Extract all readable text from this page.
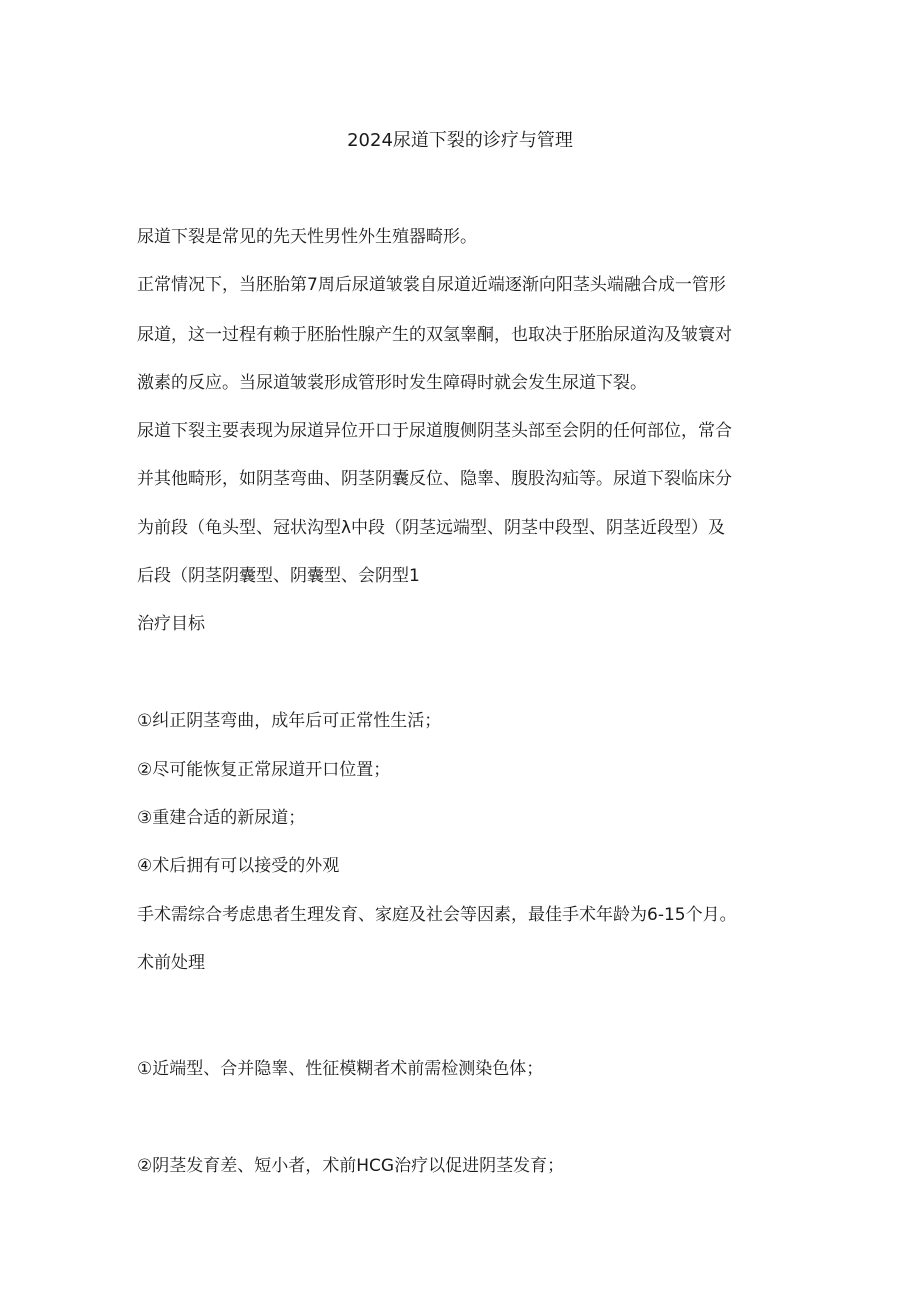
2024尿道下裂的诊疗与管理
尿道下裂是常见的先天性男性外生殖器畸形。
正常情况下，当胚胎第7周后尿道皱裳自尿道近端逐渐向阳茎头端融合成一管形
尿道，这一过程有赖于胚胎性腺产生的双氢睾酮，也取决于胚胎尿道沟及皱寰对
激素的反应。当尿道皱裳形成管形时发生障碍时就会发生尿道下裂。
尿道下裂主要表现为尿道异位开口于尿道腹侧阴茎头部至会阴的任何部位，常合
并其他畸形，如阴茎弯曲、阴茎阴囊反位、隐睾、腹股沟疝等。尿道下裂临床分
为前段（龟头型、冠状沟型λ中段（阴茎远端型、阴茎中段型、阴茎近段型）及
后段（阴茎阴囊型、阴囊型、会阴型1
治疗目标
①纠正阴茎弯曲，成年后可正常性生活；
②尽可能恢复正常尿道开口位置；
③重建合适的新尿道；
④术后拥有可以接受的外观
手术需综合考虑患者生理发育、家庭及社会等因素，最佳手术年龄为6-15个月。
术前处理
①近端型、合并隐睾、性征模糊者术前需检测染色体；
②阴茎发育差、短小者，术前HCG治疗以促进阴茎发育；
